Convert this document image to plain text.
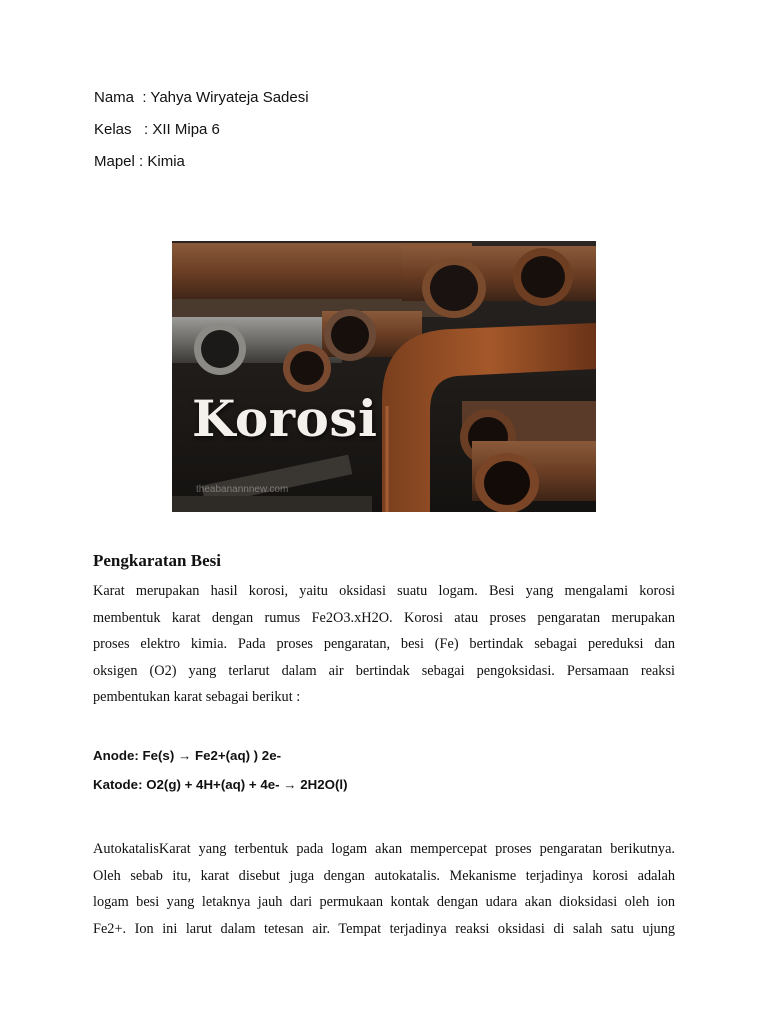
Nama  : Yahya Wiryateja Sadesi
Kelas   : XII Mipa 6
Mapel : Kimia
Korosi
theabanannnew.com
Pengkaratan Besi
Karat merupakan hasil korosi, yaitu oksidasi suatu logam. Besi yang mengalami korosi
membentuk karat dengan rumus Fe2O3.xH2O. Korosi atau proses pengaratan merupakan
proses elektro kimia. Pada proses pengaratan, besi (Fe) bertindak sebagai pereduksi dan
oksigen (O2) yang terlarut dalam air bertindak sebagai pengoksidasi. Persamaan reaksi
pembentukan karat sebagai berikut :
Anode: Fe(s) → Fe2+(aq) ) 2e-
Katode: O2(g) + 4H+(aq) + 4e- → 2H2O(l)
AutokatalisKarat yang terbentuk pada logam akan mempercepat proses pengaratan berikutnya.
Oleh sebab itu, karat disebut juga dengan autokatalis. Mekanisme terjadinya korosi adalah
logam besi yang letaknya jauh dari permukaan kontak dengan udara akan dioksidasi oleh ion
Fe2+. Ion ini larut dalam tetesan air. Tempat terjadinya reaksi oksidasi di salah satu ujung
